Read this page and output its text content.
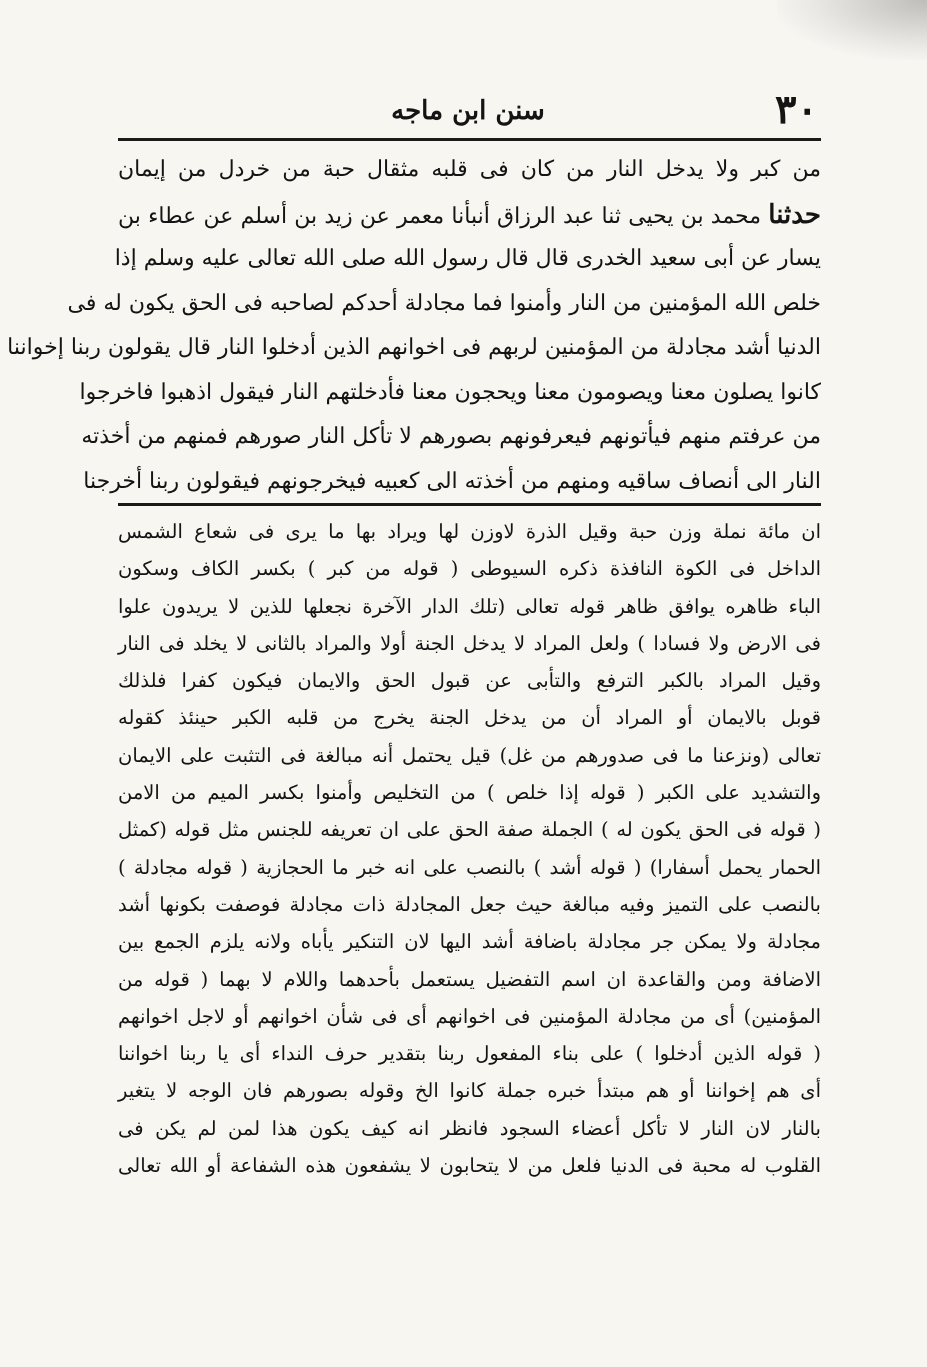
٣٠
سنن ابن ماجه
من كبر ولا يدخل النار من كان فى قلبه مثقال حبة من خردل من إيمان
حدثنا محمد بن يحيى ثنا عبد الرزاق أنبأنا معمر عن زيد بن أسلم عن عطاء بن
يسار عن أبى سعيد الخدرى قال قال رسول الله صلى الله تعالى عليه وسلم إذا
خلص الله المؤمنين من النار وأمنوا فما مجادلة أحدكم لصاحبه فى الحق يكون له فى
الدنيا أشد مجادلة من المؤمنين لربهم فى اخوانهم الذين أدخلوا النار قال يقولون ربنا إخواننا
كانوا يصلون معنا ويصومون معنا ويحجون معنا فأدخلتهم النار فيقول اذهبوا فاخرجوا
من عرفتم منهم فيأتونهم فيعرفونهم بصورهم لا تأكل النار صورهم فمنهم من أخذته
النار الى أنصاف ساقيه ومنهم من أخذته الى كعبيه فيخرجونهم فيقولون ربنا أخرجنا
ان مائة نملة وزن حبة وقيل الذرة لاوزن لها ويراد بها ما يرى فى شعاع الشمس
الداخل فى الكوة النافذة ذكره السيوطى ( قوله من كبر ) بكسر الكاف وسكون
الباء ظاهره يوافق ظاهر قوله تعالى (تلك الدار الآخرة نجعلها للذين لا يريدون علوا
فى الارض ولا فسادا ) ولعل المراد لا يدخل الجنة أولا والمراد بالثانى لا يخلد فى النار
وقيل المراد بالكبر الترفع والتأبى عن قبول الحق والايمان فيكون كفرا فلذلك
قوبل بالايمان أو المراد أن من يدخل الجنة يخرج من قلبه الكبر حينئذ كقوله
تعالى (ونزعنا ما فى صدورهم من غل) قيل يحتمل أنه مبالغة فى التثبت على الايمان
والتشديد على الكبر ( قوله إذا خلص ) من التخليص وأمنوا بكسر الميم من الامن
( قوله فى الحق يكون له ) الجملة صفة الحق على ان تعريفه للجنس مثل قوله (كمثل
الحمار يحمل أسفارا) ( قوله أشد ) بالنصب على انه خبر ما الحجازية ( قوله مجادلة )
بالنصب على التميز وفيه مبالغة حيث جعل المجادلة ذات مجادلة فوصفت بكونها أشد
مجادلة ولا يمكن جر مجادلة باضافة أشد اليها لان التنكير يأباه ولانه يلزم الجمع بين
الاضافة ومن والقاعدة ان اسم التفضيل يستعمل بأحدهما واللام لا بهما ( قوله من
المؤمنين) أى من مجادلة المؤمنين فى اخوانهم أى فى شأن اخوانهم أو لاجل اخوانهم
( قوله الذين أدخلوا ) على بناء المفعول ربنا بتقدير حرف النداء أى يا ربنا اخواننا
أى هم إخواننا أو هم مبتدأ خبره جملة كانوا الخ وقوله بصورهم فان الوجه لا يتغير
بالنار لان النار لا تأكل أعضاء السجود فانظر انه كيف يكون هذا لمن لم يكن فى
القلوب له محبة فى الدنيا فلعل من لا يتحابون لا يشفعون هذه الشفاعة أو الله تعالى
